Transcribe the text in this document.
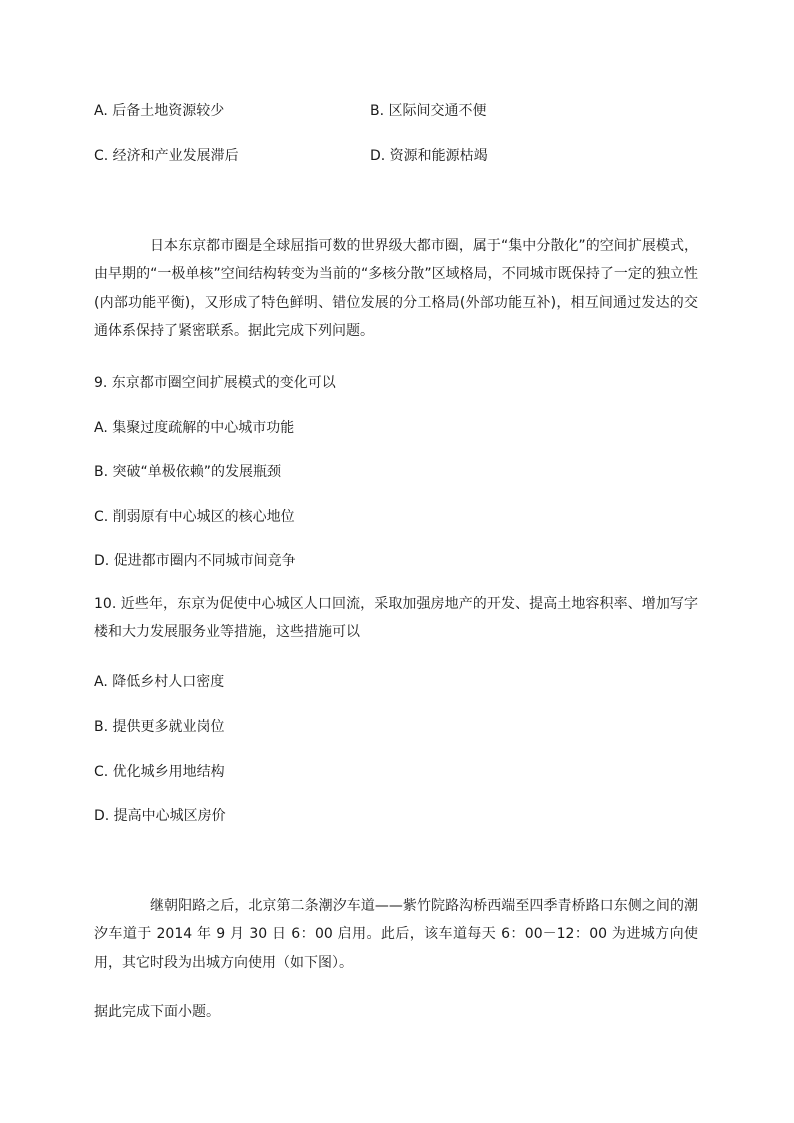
A. 后备土地资源较少	B. 区际间交通不便
C. 经济和产业发展滞后	D. 资源和能源枯竭
日本东京都市圈是全球屈指可数的世界级大都市圈，属于“集中分散化”的空间扩展模式，由早期的“一极单核”空间结构转变为当前的“多核分散”区域格局，不同城市既保持了一定的独立性(内部功能平衡)，又形成了特色鲜明、错位发展的分工格局(外部功能互补)，相互间通过发达的交通体系保持了紧密联系。据此完成下列问题。
9. 东京都市圈空间扩展模式的变化可以
A. 集聚过度疏解的中心城市功能
B. 突破“单极依赖”的发展瓶颈
C. 削弱原有中心城区的核心地位
D. 促进都市圈内不同城市间竞争
10. 近些年，东京为促使中心城区人口回流，采取加强房地产的开发、提高土地容积率、增加写字楼和大力发展服务业等措施，这些措施可以
A. 降低乡村人口密度
B. 提供更多就业岗位
C. 优化城乡用地结构
D. 提高中心城区房价
继朝阳路之后，北京第二条潮汐车道——紫竹院路沟桥西端至四季青桥路口东侧之间的潮汐车道于 2014 年 9 月 30 日 6：00 启用。此后，该车道每天 6：00－12：00 为进城方向使用，其它时段为出城方向使用（如下图）。
据此完成下面小题。
